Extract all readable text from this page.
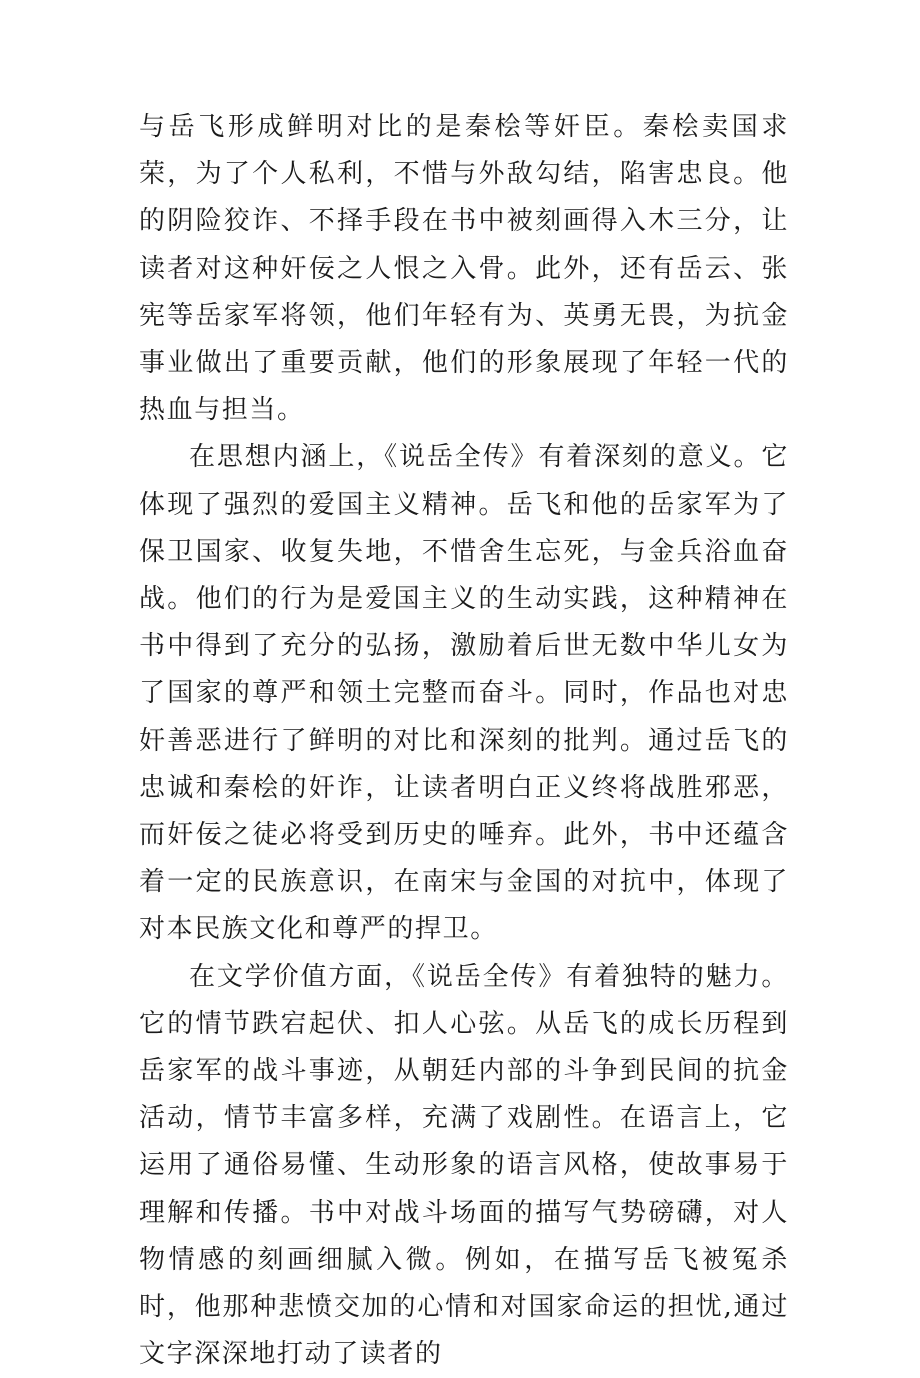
与岳飞形成鲜明对比的是秦桧等奸臣。秦桧卖国求荣，为了个人私利，不惜与外敌勾结，陷害忠良。他的阴险狡诈、不择手段在书中被刻画得入木三分，让读者对这种奸佞之人恨之入骨。此外，还有岳云、张宪等岳家军将领，他们年轻有为、英勇无畏，为抗金事业做出了重要贡献，他们的形象展现了年轻一代的热血与担当。

在思想内涵上，《说岳全传》有着深刻的意义。它体现了强烈的爱国主义精神。岳飞和他的岳家军为了保卫国家、收复失地，不惜舍生忘死，与金兵浴血奋战。他们的行为是爱国主义的生动实践，这种精神在书中得到了充分的弘扬，激励着后世无数中华儿女为了国家的尊严和领土完整而奋斗。同时，作品也对忠奸善恶进行了鲜明的对比和深刻的批判。通过岳飞的忠诚和秦桧的奸诈，让读者明白正义终将战胜邪恶，而奸佞之徒必将受到历史的唾弃。此外，书中还蕴含着一定的民族意识，在南宋与金国的对抗中，体现了对本民族文化和尊严的捍卫。

在文学价值方面，《说岳全传》有着独特的魅力。它的情节跌宕起伏、扣人心弦。从岳飞的成长历程到岳家军的战斗事迹，从朝廷内部的斗争到民间的抗金活动，情节丰富多样，充满了戏剧性。在语言上，它运用了通俗易懂、生动形象的语言风格，使故事易于理解和传播。书中对战斗场面的描写气势磅礴，对人物情感的刻画细腻入微。例如，在描写岳飞被冤杀时，他那种悲愤交加的心情和对国家命运的担忧,通过文字深深地打动了读者的
